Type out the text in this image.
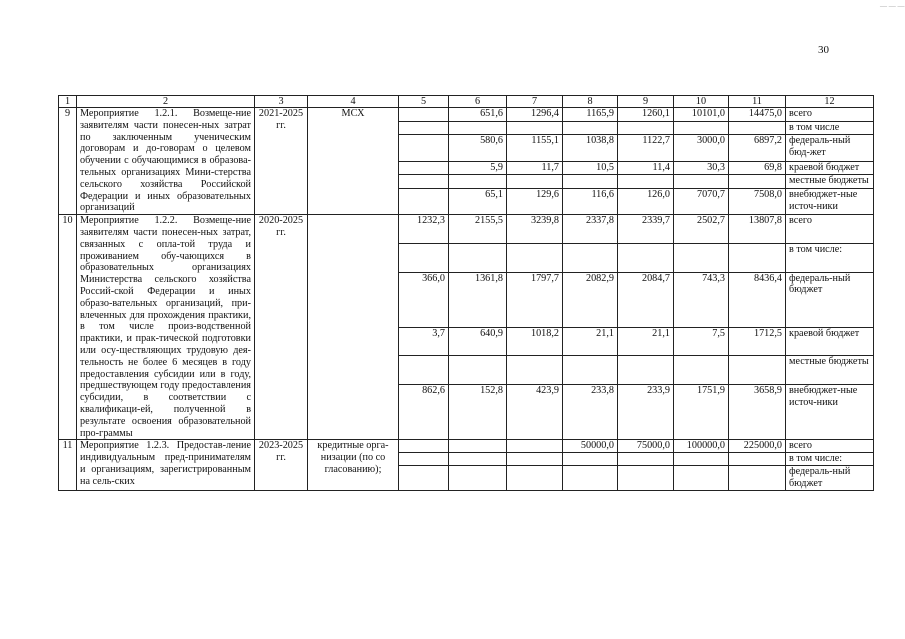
— — —
30
1	2	3	4	5	6	7	8	9	10	11	12
9	Мероприятие 1.2.1. Возмеще-ние заявителям части понесен-ных затрат по заключенным ученическим договорам и до-говорам о целевом обучении с обучающимися в образова-тельных организациях Мини-стерства сельского хозяйства Российской Федерации и иных образовательных организаций	2021-2025 гг.	МСХ		651,6	1296,4	1165,9	1260,1	10101,0	14475,0	всего
											в том числе
					580,6	1155,1	1038,8	1122,7	3000,0	6897,2	федераль-ный бюд-жет
					5,9	11,7	10,5	11,4	30,3	69,8	краевой бюджет
											местные бюджеты
					65,1	129,6	116,6	126,0	7070,7	7508,0	внебюджет-ные источ-ники
10	Мероприятие 1.2.2. Возмеще-ние заявителям части понесен-ных затрат, связанных с опла-той труда и проживанием обу-чающихся в образовательных организациях Министерства сельского хозяйства Россий-ской Федерации и иных образо-вательных организаций, при-влеченных для прохождения практики, в том числе произ-водственной практики, и прак-тической подготовки или осу-ществляющих трудовую дея-тельность не более 6 месяцев в году предоставления субсидии или в году, предшествующем году предоставления субсидии, в соответствии с квалификаци-ей, полученной в результате освоения образовательной про-граммы	2020-2025 гг.		1232,3	2155,5	3239,8	2337,8	2339,7	2502,7	13807,8	всего
											в том числе:
				366,0	1361,8	1797,7	2082,9	2084,7	743,3	8436,4	федераль-ный бюджет
				3,7	640,9	1018,2	21,1	21,1	7,5	1712,5	краевой бюджет
											местные бюджеты
				862,6	152,8	423,9	233,8	233,9	1751,9	3658,9	внебюджет-ные источ-ники
11	Мероприятие 1.2.3. Предостав-ление индивидуальным пред-принимателям и организациям, зарегистрированным на сель-ских	2023-2025 гг.	кредитные орга-низации (по со гласованию);				50000,0	75000,0	100000,0	225000,0	всего
											в том числе:
											федераль-ный бюджет
